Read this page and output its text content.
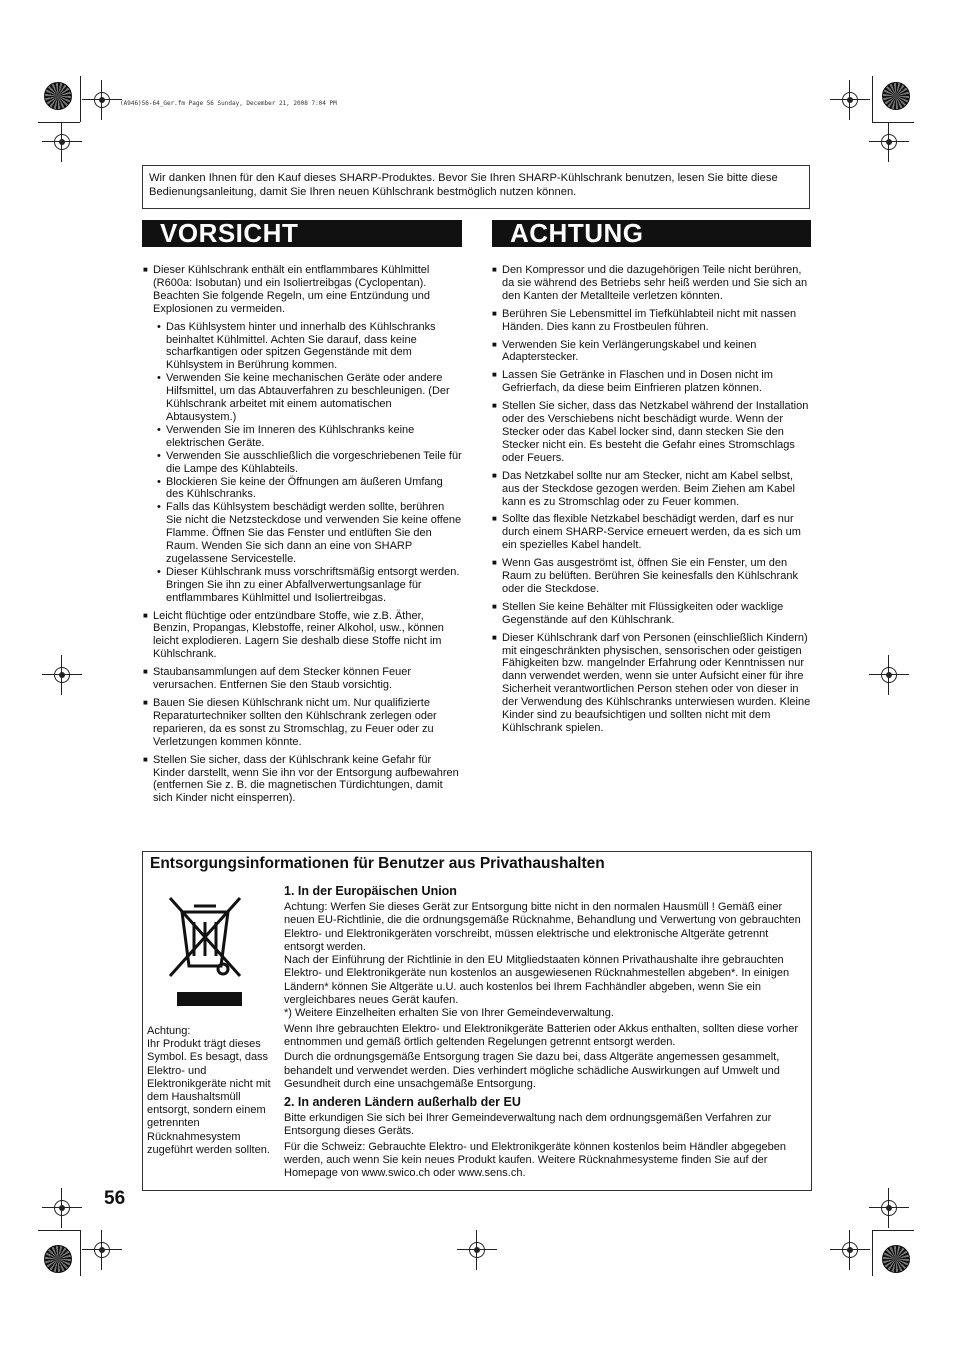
(A946)56-64_Ger.fm Page 56 Sunday, December 21, 2008 7:04 PM
Wir danken Ihnen für den Kauf dieses SHARP-Produktes. Bevor Sie Ihren SHARP-Kühlschrank benutzen, lesen Sie bitte diese Bedienungsanleitung, damit Sie Ihren neuen Kühlschrank bestmöglich nutzen können.
VORSICHT	ACHTUNG
■ Dieser Kühlschrank enthält ein entflammbares Kühlmittel (R600a: Isobutan) und ein Isoliertreibgas (Cyclopentan). Beachten Sie folgende Regeln, um eine Entzündung und Explosionen zu vermeiden.
• Das Kühlsystem hinter und innerhalb des Kühlschranks beinhaltet Kühlmittel. Achten Sie darauf, dass keine scharfkantigen oder spitzen Gegenstände mit dem Kühlsystem in Berührung kommen.
• Verwenden Sie keine mechanischen Geräte oder andere Hilfsmittel, um das Abtauverfahren zu beschleunigen. (Der Kühlschrank arbeitet mit einem automatischen Abtausystem.)
• Verwenden Sie im Inneren des Kühlschranks keine elektrischen Geräte.
• Verwenden Sie ausschließlich die vorgeschriebenen Teile für die Lampe des Kühlabteils.
• Blockieren Sie keine der Öffnungen am äußeren Umfang des Kühlschranks.
• Falls das Kühlsystem beschädigt werden sollte, berühren Sie nicht die Netzsteckdose und verwenden Sie keine offene Flamme. Öffnen Sie das Fenster und entlüften Sie den Raum. Wenden Sie sich dann an eine von SHARP zugelassene Servicestelle.
• Dieser Kühlschrank muss vorschriftsmäßig entsorgt werden. Bringen Sie ihn zu einer Abfallverwertungsanlage für entflammbares Kühlmittel und Isoliertreibgas.
■ Leicht flüchtige oder entzündbare Stoffe, wie z.B. Äther, Benzin, Propangas, Klebstoffe, reiner Alkohol, usw., können leicht explodieren. Lagern Sie deshalb diese Stoffe nicht im Kühlschrank.
■ Staubansammlungen auf dem Stecker können Feuer verursachen. Entfernen Sie den Staub vorsichtig.
■ Bauen Sie diesen Kühlschrank nicht um. Nur qualifizierte Reparaturtechniker sollten den Kühlschrank zerlegen oder reparieren, da es sonst zu Stromschlag, zu Feuer oder zu Verletzungen kommen könnte.
■ Stellen Sie sicher, dass der Kühlschrank keine Gefahr für Kinder darstellt, wenn Sie ihn vor der Entsorgung aufbewahren (entfernen Sie z. B. die magnetischen Türdichtungen, damit sich Kinder nicht einsperren).
■ Den Kompressor und die dazugehörigen Teile nicht berühren, da sie während des Betriebs sehr heiß werden und Sie sich an den Kanten der Metallteile verletzen könnten.
■ Berühren Sie Lebensmittel im Tiefkühlabteil nicht mit nassen Händen. Dies kann zu Frostbeulen führen.
■ Verwenden Sie kein Verlängerungskabel und keinen Adapterstecker.
■ Lassen Sie Getränke in Flaschen und in Dosen nicht im Gefrierfach, da diese beim Einfrieren platzen können.
■ Stellen Sie sicher, dass das Netzkabel während der Installation oder des Verschiebens nicht beschädigt wurde. Wenn der Stecker oder das Kabel locker sind, dann stecken Sie den Stecker nicht ein. Es besteht die Gefahr eines Stromschlags oder Feuers.
■ Das Netzkabel sollte nur am Stecker, nicht am Kabel selbst, aus der Steckdose gezogen werden. Beim Ziehen am Kabel kann es zu Stromschlag oder zu Feuer kommen.
■ Sollte das flexible Netzkabel beschädigt werden, darf es nur durch einem SHARP-Service erneuert werden, da es sich um ein spezielles Kabel handelt.
■ Wenn Gas ausgeströmt ist, öffnen Sie ein Fenster, um den Raum zu belüften. Berühren Sie keinesfalls den Kühlschrank oder die Steckdose.
■ Stellen Sie keine Behälter mit Flüssigkeiten oder wacklige Gegenstände auf den Kühlschrank.
■ Dieser Kühlschrank darf von Personen (einschließlich Kindern) mit eingeschränkten physischen, sensorischen oder geistigen Fähigkeiten bzw. mangelnder Erfahrung oder Kenntnissen nur dann verwendet werden, wenn sie unter Aufsicht einer für ihre Sicherheit verantwortlichen Person stehen oder von dieser in der Verwendung des Kühlschranks unterwiesen wurden. Kleine Kinder sind zu beaufsichtigen und sollten nicht mit dem Kühlschrank spielen.
Entsorgungsinformationen für Benutzer aus Privathaushalten
Achtung:
Ihr Produkt trägt dieses Symbol. Es besagt, dass Elektro- und Elektronikgeräte nicht mit dem Haushaltsmüll entsorgt, sondern einem getrennten Rücknahmesystem zugeführt werden sollten.
1. In der Europäischen Union

Achtung: Werfen Sie dieses Gerät zur Entsorgung bitte nicht in den normalen Hausmüll ! Gemäß einer neuen EU-Richtlinie, die die ordnungsgemäße Rücknahme, Behandlung und Verwertung von gebrauchten Elektro- und Elektronikgeräten vorschreibt, müssen elektrische und elektronische Altgeräte getrennt entsorgt werden.
Nach der Einführung der Richtlinie in den EU Mitgliedstaaten können Privathaushalte ihre gebrauchten Elektro- und Elektronikgeräte nun kostenlos an ausgewiesenen Rücknahmestellen abgeben*. In einigen Ländern* können Sie Altgeräte u.U. auch kostenlos bei Ihrem Fachhändler abgeben, wenn Sie ein vergleichbares neues Gerät kaufen.
*) Weitere Einzelheiten erhalten Sie von Ihrer Gemeindeverwaltung.

Wenn Ihre gebrauchten Elektro- und Elektronikgeräte Batterien oder Akkus enthalten, sollten diese vorher entnommen und gemäß örtlich geltenden Regelungen getrennt entsorgt werden.

Durch die ordnungsgemäße Entsorgung tragen Sie dazu bei, dass Altgeräte angemessen gesammelt, behandelt und verwendet werden. Dies verhindert mögliche schädliche Auswirkungen auf Umwelt und Gesundheit durch eine unsachgemäße Entsorgung.

2. In anderen Ländern außerhalb der EU

Bitte erkundigen Sie sich bei Ihrer Gemeindeverwaltung nach dem ordnungsgemäßen Verfahren zur Entsorgung dieses Geräts.

Für die Schweiz: Gebrauchte Elektro- und Elektronikgeräte können kostenlos beim Händler abgegeben werden, auch wenn Sie kein neues Produkt kaufen. Weitere Rücknahmesysteme finden Sie auf der Homepage von www.swico.ch oder www.sens.ch.

56
